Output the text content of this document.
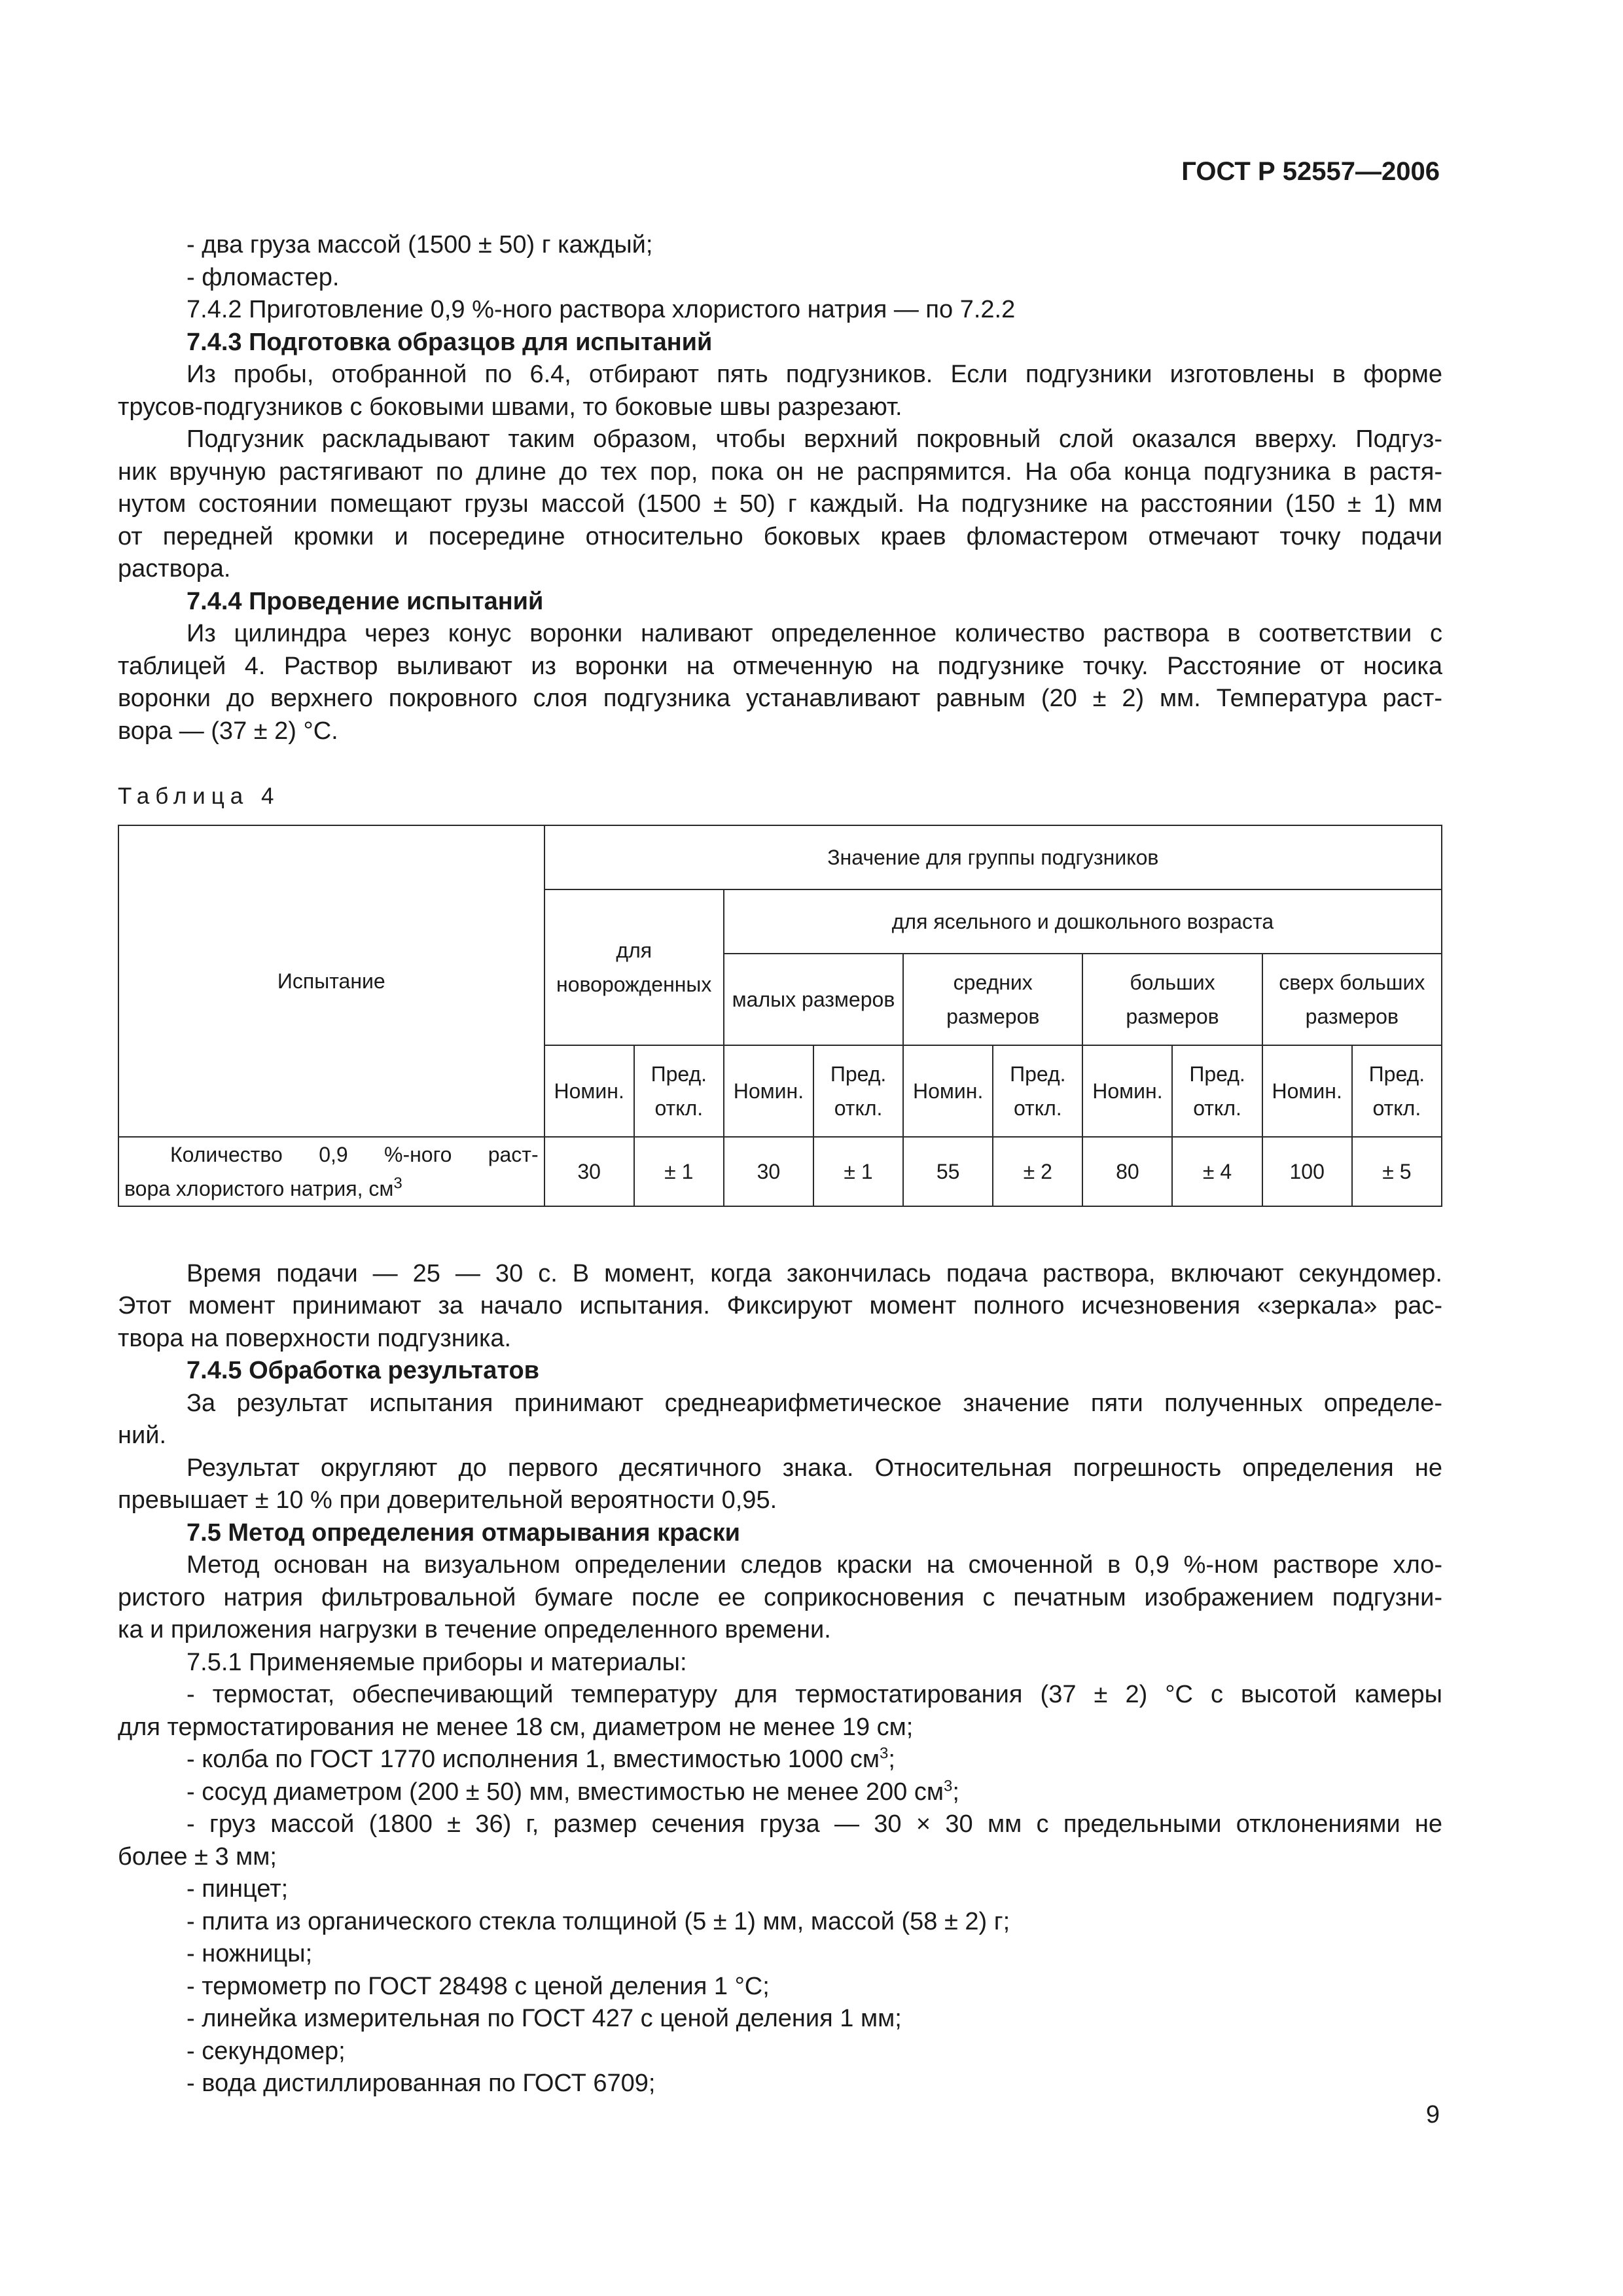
ГОСТ Р 52557—2006

- два груза массой (1500 ± 50) г каждый;

- фломастер.

7.4.2 Приготовление 0,9 %-ного раствора хлористого натрия — по 7.2.2

7.4.3 Подготовка образцов для испытаний

Из пробы, отобранной по 6.4, отбирают пять подгузников. Если подгузники изготовлены в форме

трусов-подгузников с боковыми швами, то боковые швы разрезают.

Подгузник раскладывают таким образом, чтобы верхний покровный слой оказался вверху. Подгуз-

ник вручную растягивают по длине до тех пор, пока он не распрямится. На оба конца подгузника в растя-

нутом состоянии помещают грузы массой (1500 ± 50) г каждый. На подгузнике на расстоянии (150 ± 1) мм

от передней кромки и посередине относительно боковых краев фломастером отмечают точку подачи

раствора.

7.4.4 Проведение испытаний

Из цилиндра через конус воронки наливают определенное количество раствора в соответствии с

таблицей 4. Раствор выливают из воронки на отмеченную на подгузнике точку. Расстояние от носика

воронки до верхнего покровного слоя подгузника устанавливают равным (20 ± 2) мм. Температура раст-

вора — (37 ± 2) °С.

Таблица 4

Испытание	Значение для группы подгузников									
	для новорожденных		для ясельного и дошкольного возраста							
			малых размеров		средних размеров		больших размеров		сверх больших размеров	
	Номин.	Пред. откл.	Номин.	Пред. откл.	Номин.	Пред. откл.	Номин.	Пред. откл.	Номин.	Пред. откл.

Количество 0,9 %-ного раст-
вора хлористого натрия, $см^3$	30	± 1	30	± 1	55	± 2	80	± 4	100	± 5

Время подачи — 25 — 30 с. В момент, когда закончилась подача раствора, включают секундомер.

Этот момент принимают за начало испытания. Фиксируют момент полного исчезновения «зеркала» рас-

твора на поверхности подгузника.

7.4.5 Обработка результатов

За результат испытания принимают среднеарифметическое значение пяти полученных определе-

ний.

Результат округляют до первого десятичного знака. Относительная погрешность определения не

превышает ± 10 % при доверительной вероятности 0,95.

7.5 Метод определения отмарывания краски

Метод основан на визуальном определении следов краски на смоченной в 0,9 %-ном растворе хло-

ристого натрия фильтровальной бумаге после ее соприкосновения с печатным изображением подгузни-

ка и приложения нагрузки в течение определенного времени.

7.5.1 Применяемые приборы и материалы:

- термостат, обеспечивающий температуру для термостатирования (37 ± 2) °С с высотой камеры

для термостатирования не менее 18 см, диаметром не менее 19 см;

- колба по ГОСТ 1770 исполнения 1, вместимостью 1000 $см^3$;

- сосуд диаметром (200 ± 50) мм, вместимостью не менее 200 $см^3$;

- груз массой (1800 ± 36) г, размер сечения груза — 30 × 30 мм с предельными отклонениями не

более ± 3 мм;

- пинцет;

- плита из органического стекла толщиной (5 ± 1) мм, массой (58 ± 2) г;

- ножницы;

- термометр по ГОСТ 28498 с ценой деления 1 °С;

- линейка измерительная по ГОСТ 427 с ценой деления 1 мм;

- секундомер;

- вода дистиллированная по ГОСТ 6709;

9
